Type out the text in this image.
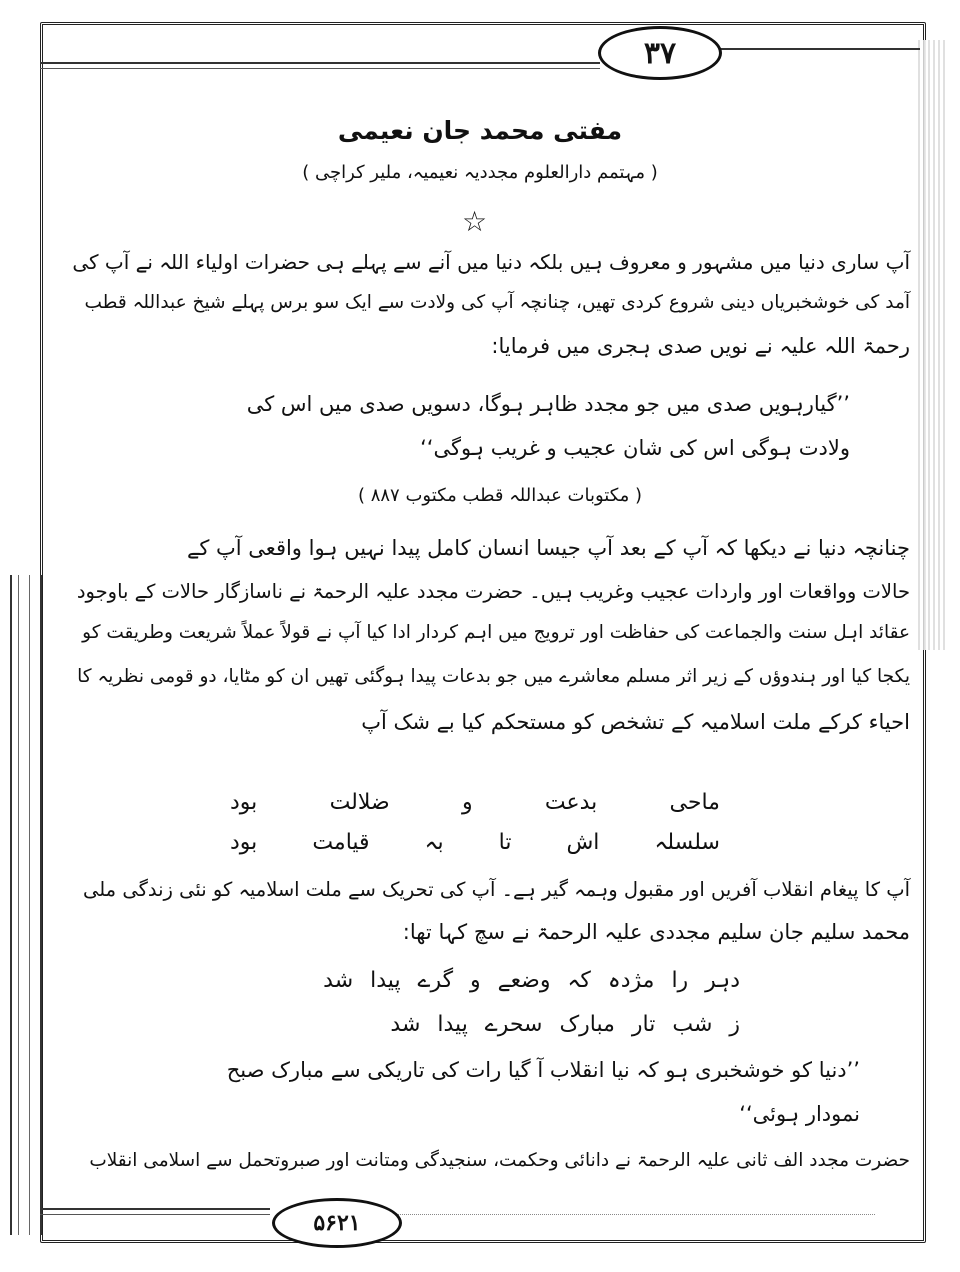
۳۷
۵۶۲۱
مفتی محمد جان نعیمی
( مہتمم دارالعلوم مجددیہ نعیمیہ، ملیر کراچی )
☆
آپ ساری دنیا میں مشہور و معروف ہیں بلکہ دنیا میں آنے سے پہلے ہی حضرات اولیاء اللہ نے آپ کی
آمد کی خوشخبریاں دینی شروع کردی تھیں، چنانچہ آپ کی ولادت سے ایک سو برس پہلے شیخ عبداللہ قطب
رحمۃ اللہ علیہ نے نویں صدی ہجری میں فرمایا:
’’گیارہویں صدی میں جو مجدد ظاہر ہوگا، دسویں صدی میں اس کی
ولادت ہوگی اس کی شان عجیب و غریب ہوگی‘‘
( مکتوبات عبداللہ قطب مکتوب ۸۸۷ )
چنانچہ دنیا نے دیکھا کہ آپ کے بعد آپ جیسا انسان کامل پیدا نہیں ہوا واقعی آپ کے
حالات وواقعات اور واردات عجیب وغریب ہیں۔ حضرت مجدد علیہ الرحمۃ نے ناسازگار حالات کے باوجود
عقائد اہل سنت والجماعت کی حفاظت اور ترویج میں اہم کردار ادا کیا آپ نے قولاً عملاً شریعت وطریقت کو
یکجا کیا اور ہندوؤں کے زیر اثر مسلم معاشرے میں جو بدعات پیدا ہوگئی تھیں ان کو مٹایا، دو قومی نظریہ کا
احیاء کرکے ملت اسلامیہ کے تشخص کو مستحکم کیا بے شک آپ
ماحی
بدعت
و
ضلالت
بود
سلسلہ
اش
تا
بہ
قیامت
بود
آپ کا پیغام انقلاب آفریں اور مقبول وہمہ گیر ہے۔ آپ کی تحریک سے ملت اسلامیہ کو نئی زندگی ملی
محمد سلیم جان سلیم مجددی علیہ الرحمۃ نے سچ کہا تھا:
دہر را مژدہ کہ وضعے و گرے پیدا شد
ز شب تار مبارک سحرے پیدا شد
’’دنیا کو خوشخبری ہو کہ نیا انقلاب آ گیا رات کی تاریکی سے مبارک صبح
نمودار ہوئی‘‘
حضرت مجدد الف ثانی علیہ الرحمۃ نے دانائی وحکمت، سنجیدگی ومتانت اور صبروتحمل سے اسلامی انقلاب
